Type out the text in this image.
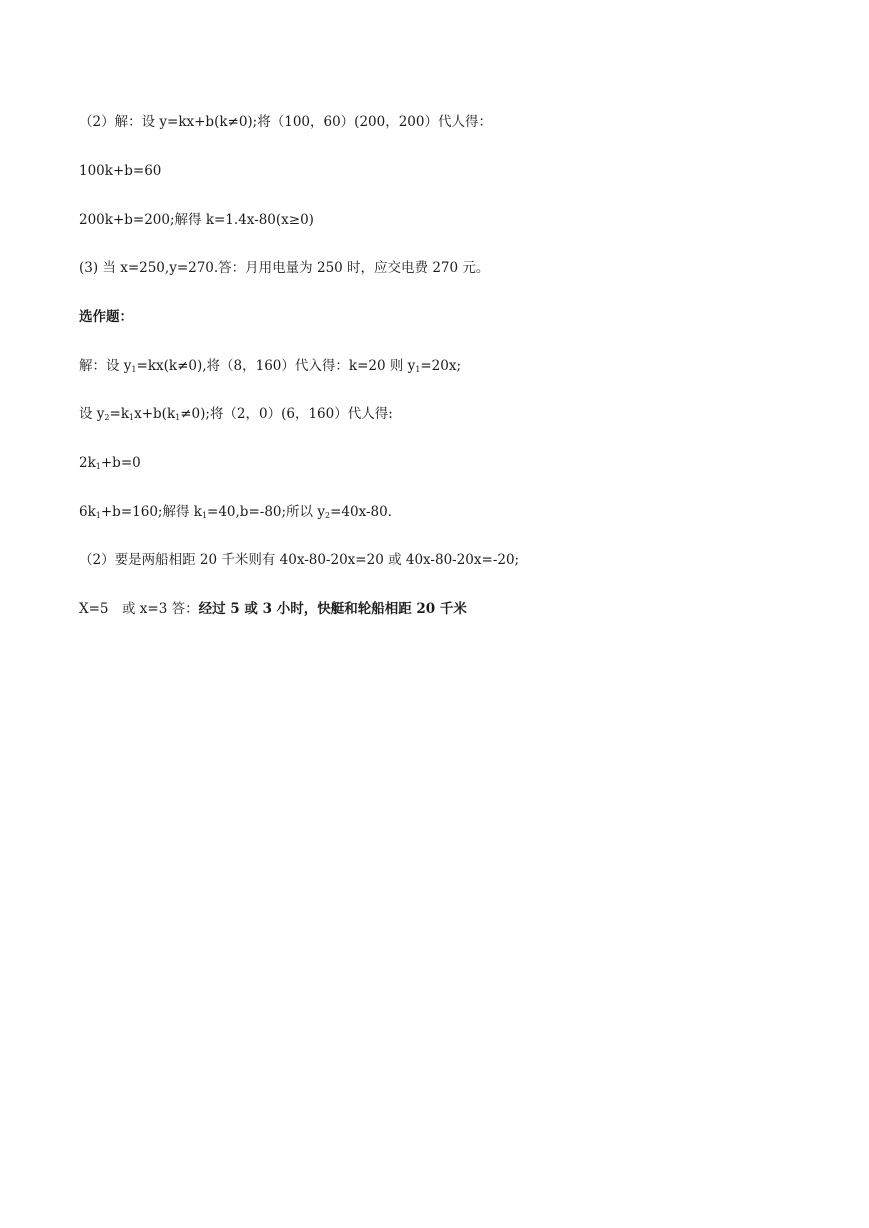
（2）解：设 y=kx+b(k≠0);将（100，60）(200，200）代人得：
100k+b=60
200k+b=200;解得 k=1.4x-80(x≥0)
(3) 当 x=250,y=270.答：月用电量为 250 时，应交电费 270 元。
选作题：
解：设 $y_1=kx(k\ne 0)$,将（8，160）代入得：k=20 则 $y_1=20x$;
设 $y_2=k_1x+b(k_1\ne 0)$;将（2，0）(6，160）代人得:
$2k_1+b=0$
$6k_1+b=160$;解得 $k_1=40,b=-80$;所以 $y_2=40x-80$.
（2）要是两船相距 20 千米则有 40x-80-20x=20 或 40x-80-20x=-20;
X=5　或 x=3 答：经过 5 或 3 小时，快艇和轮船相距 20 千米
